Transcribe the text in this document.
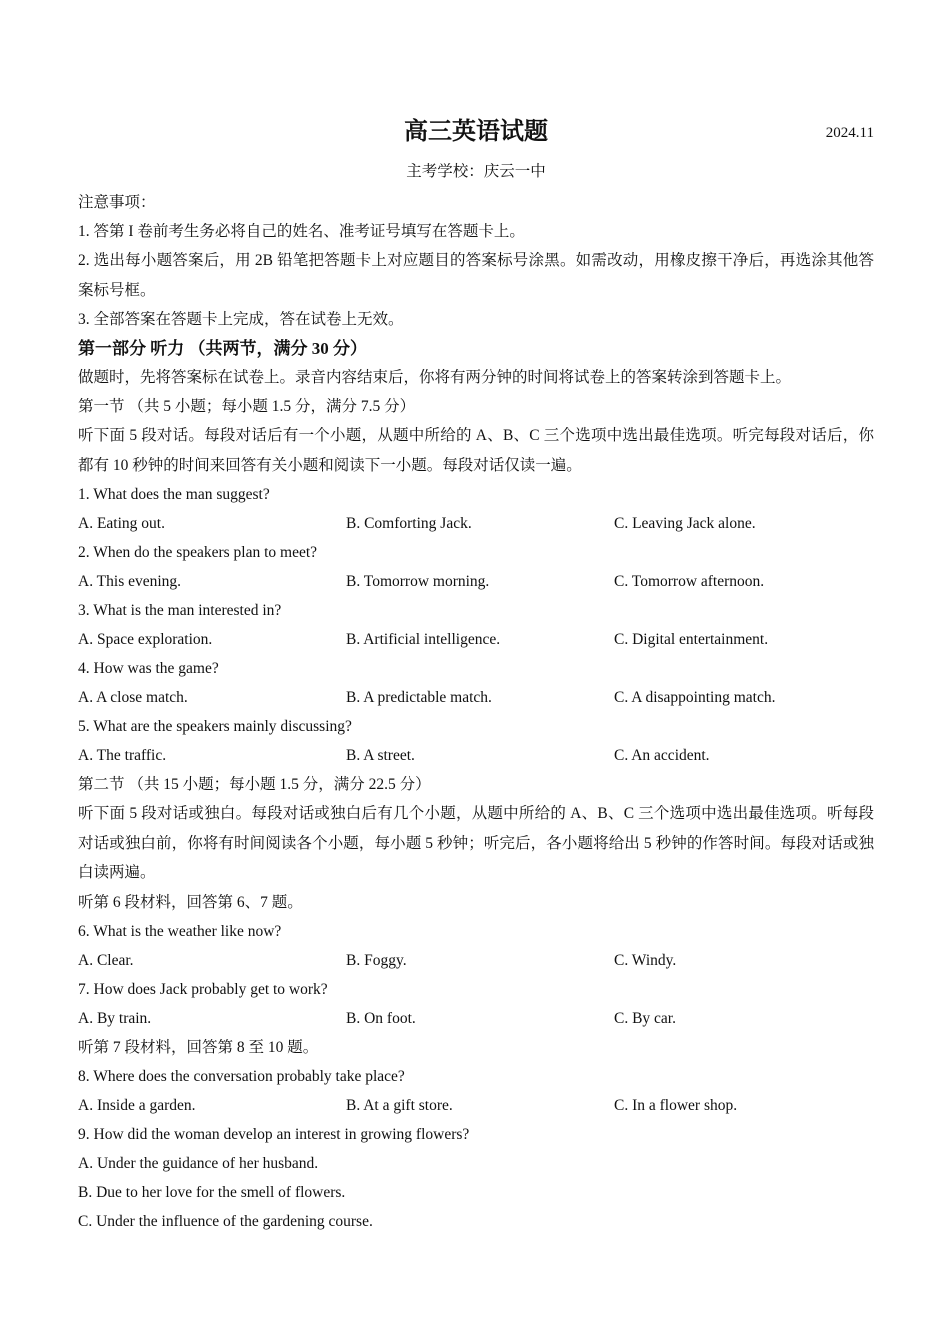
高三英语试题	2024.11
主考学校：庆云一中
注意事项：
1. 答第 I 卷前考生务必将自己的姓名、准考证号填写在答题卡上。
2. 选出每小题答案后，用 2B 铅笔把答题卡上对应题目的答案标号涂黑。如需改动，用橡皮擦干净后，再选涂其他答案标号框。
3. 全部答案在答题卡上完成，答在试卷上无效。
第一部分 听力 （共两节，满分 30 分）
做题时，先将答案标在试卷上。录音内容结束后，你将有两分钟的时间将试卷上的答案转涂到答题卡上。
第一节 （共 5 小题；每小题 1.5 分，满分 7.5 分）
听下面 5 段对话。每段对话后有一个小题，从题中所给的 A、B、C 三个选项中选出最佳选项。听完每段对话后，你都有 10 秒钟的时间来回答有关小题和阅读下一小题。每段对话仅读一遍。
1. What does the man suggest?
A. Eating out.	B. Comforting Jack.	C. Leaving Jack alone.
2. When do the speakers plan to meet?
A. This evening.	B. Tomorrow morning.	C. Tomorrow afternoon.
3. What is the man interested in?
A. Space exploration.	B. Artificial intelligence.	C. Digital entertainment.
4. How was the game?
A. A close match.	B. A predictable match.	C. A disappointing match.
5. What are the speakers mainly discussing?
A. The traffic.	B. A street.	C. An accident.
第二节 （共 15 小题；每小题 1.5 分，满分 22.5 分）
听下面 5 段对话或独白。每段对话或独白后有几个小题，从题中所给的 A、B、C 三个选项中选出最佳选项。听每段对话或独白前，你将有时间阅读各个小题，每小题 5 秒钟；听完后，各小题将给出 5 秒钟的作答时间。每段对话或独白读两遍。
听第 6 段材料，回答第 6、7 题。
6. What is the weather like now?
A. Clear.	B. Foggy.	C. Windy.
7. How does Jack probably get to work?
A. By train.	B. On foot.	C. By car.
听第 7 段材料，回答第 8 至 10 题。
8. Where does the conversation probably take place?
A. Inside a garden.	B. At a gift store.	C. In a flower shop.
9. How did the woman develop an interest in growing flowers?
A. Under the guidance of her husband.
B. Due to her love for the smell of flowers.
C. Under the influence of the gardening course.
